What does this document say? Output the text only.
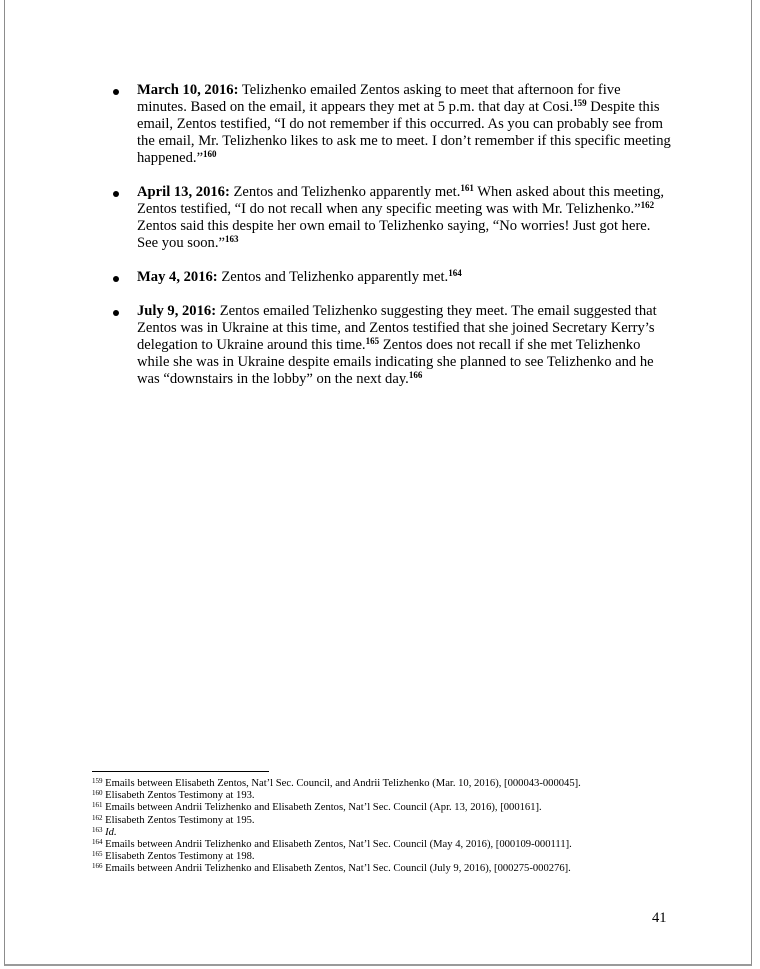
March 10, 2016: Telizhenko emailed Zentos asking to meet that afternoon for five minutes. Based on the email, it appears they met at 5 p.m. that day at Cosi.$^{159}$ Despite this email, Zentos testified, “I do not remember if this occurred. As you can probably see from the email, Mr. Telizhenko likes to ask me to meet. I don’t remember if this specific meeting happened.”$^{160}$
April 13, 2016: Zentos and Telizhenko apparently met.$^{161}$ When asked about this meeting, Zentos testified, “I do not recall when any specific meeting was with Mr. Telizhenko.”$^{162}$ Zentos said this despite her own email to Telizhenko saying, “No worries! Just got here. See you soon.”$^{163}$
May 4, 2016: Zentos and Telizhenko apparently met.$^{164}$
July 9, 2016: Zentos emailed Telizhenko suggesting they meet. The email suggested that Zentos was in Ukraine at this time, and Zentos testified that she joined Secretary Kerry’s delegation to Ukraine around this time.$^{165}$ Zentos does not recall if she met Telizhenko while she was in Ukraine despite emails indicating she planned to see Telizhenko and he was “downstairs in the lobby” on the next day.$^{166}$
$^{159}$ Emails between Elisabeth Zentos, Nat’l Sec. Council, and Andrii Telizhenko (Mar. 10, 2016), [000043-000045].
$^{160}$ Elisabeth Zentos Testimony at 193.
$^{161}$ Emails between Andrii Telizhenko and Elisabeth Zentos, Nat’l Sec. Council (Apr. 13, 2016), [000161].
$^{162}$ Elisabeth Zentos Testimony at 195.
$^{163}$ Id.
$^{164}$ Emails between Andrii Telizhenko and Elisabeth Zentos, Nat’l Sec. Council (May 4, 2016), [000109-000111].
$^{165}$ Elisabeth Zentos Testimony at 198.
$^{166}$ Emails between Andrii Telizhenko and Elisabeth Zentos, Nat’l Sec. Council (July 9, 2016), [000275-000276].
41
